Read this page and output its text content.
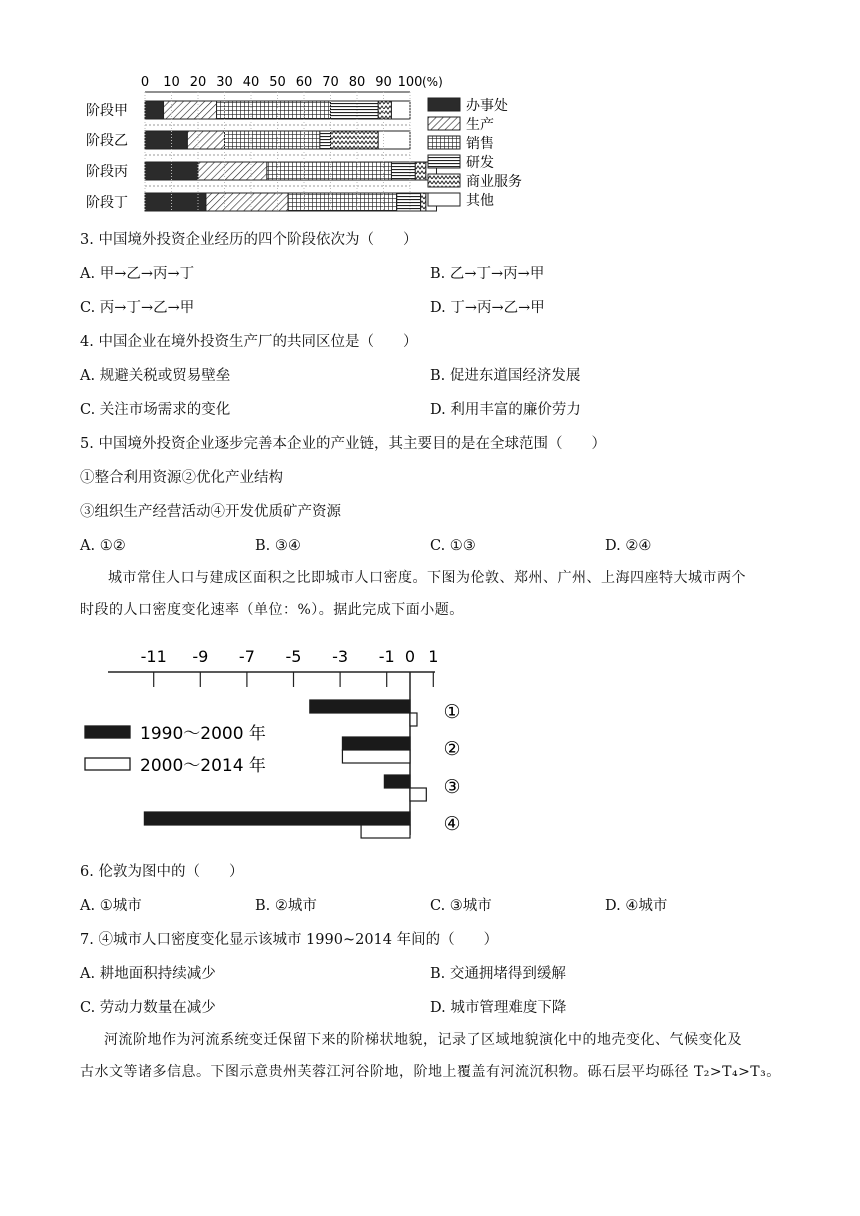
0 10 20 30 40 50 60 70 80 90 100 (%)
阶段甲
阶段乙
阶段丙
阶段丁
办事处
生产
销售
研发
商业服务
其他
3. 中国境外投资企业经历的四个阶段依次为（　　）
A. 甲→乙→丙→丁	B. 乙→丁→丙→甲
C. 丙→丁→乙→甲	D. 丁→丙→乙→甲
4. 中国企业在境外投资生产厂的共同区位是（　　）
A. 规避关税或贸易壁垒	B. 促进东道国经济发展
C. 关注市场需求的变化	D. 利用丰富的廉价劳力
5. 中国境外投资企业逐步完善本企业的产业链，其主要目的是在全球范围（　　）
①整合利用资源②优化产业结构
③组织生产经营活动④开发优质矿产资源
A. ①②	B. ③④	C. ①③	D. ②④
城市常住人口与建成区面积之比即城市人口密度。下图为伦敦、郑州、广州、上海四座特大城市两个
时段的人口密度变化速率（单位：%）。据此完成下面小题。
-11 -9 -7 -5 -3 -1 0 1
①
②
③
④
1990～2000 年
2000～2014 年
6. 伦敦为图中的（　　）
A. ①城市	B. ②城市	C. ③城市	D. ④城市
7. ④城市人口密度变化显示该城市 1990~2014 年间的（　　）
A. 耕地面积持续减少	B. 交通拥堵得到缓解
C. 劳动力数量在减少	D. 城市管理难度下降
河流阶地作为河流系统变迁保留下来的阶梯状地貌，记录了区域地貌演化中的地壳变化、气候变化及
古水文等诸多信息。下图示意贵州芙蓉江河谷阶地，阶地上覆盖有河流沉积物。砾石层平均砾径 T₂>T₄>T₃。
